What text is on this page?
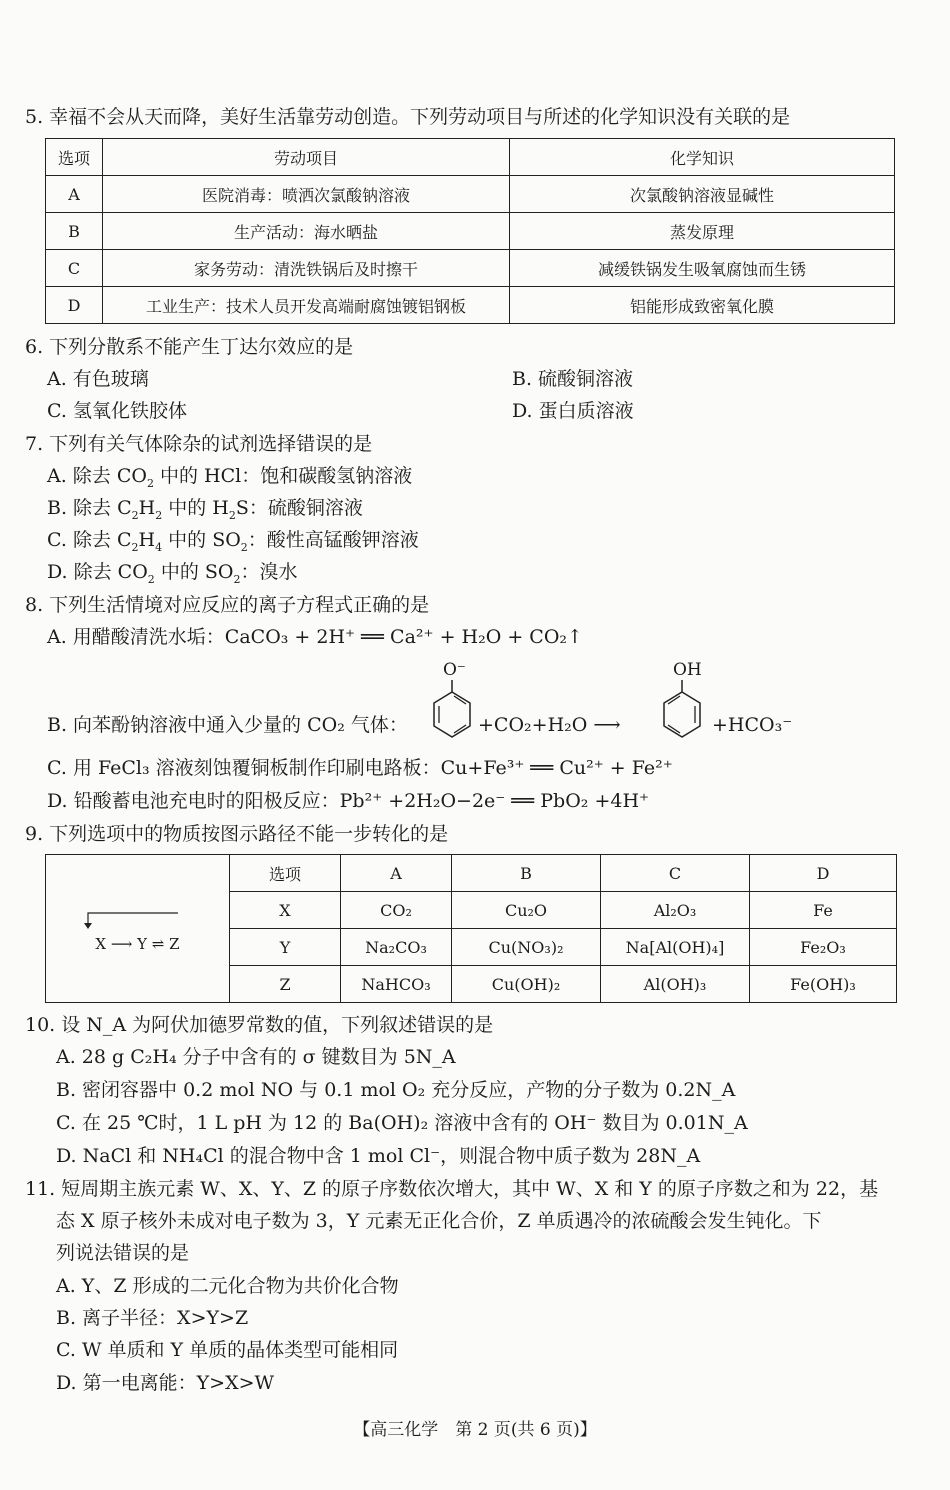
5. 幸福不会从天而降，美好生活靠劳动创造。下列劳动项目与所述的化学知识没有关联的是
选项	劳动项目	化学知识
A	医院消毒：喷洒次氯酸钠溶液	次氯酸钠溶液显碱性
B	生产活动：海水晒盐	蒸发原理
C	家务劳动：清洗铁锅后及时擦干	减缓铁锅发生吸氧腐蚀而生锈
D	工业生产：技术人员开发高端耐腐蚀镀铝钢板	铝能形成致密氧化膜
6. 下列分散系不能产生丁达尔效应的是
A. 有色玻璃	B. 硫酸铜溶液
C. 氢氧化铁胶体	D. 蛋白质溶液
7. 下列有关气体除杂的试剂选择错误的是
A. 除去 $CO_2$ 中的 HCl：饱和碳酸氢钠溶液
B. 除去 $C_2H_2$ 中的 $H_2S$：硫酸铜溶液
C. 除去 $C_2H_4$ 中的 $SO_2$：酸性高锰酸钾溶液
D. 除去 $CO_2$ 中的 $SO_2$：溴水
8. 下列生活情境对应反应的离子方程式正确的是
A. 用醋酸清洗水垢：CaCO₃ + 2H⁺ ══ Ca²⁺ + H₂O + CO₂↑
B. 向苯酚钠溶液中通入少量的 CO₂ 气体：
O⁻
+CO₂+H₂O ⟶
OH
+HCO₃⁻
C. 用 FeCl₃ 溶液刻蚀覆铜板制作印刷电路板：Cu+Fe³⁺ ══ Cu²⁺ + Fe²⁺
D. 铅酸蓄电池充电时的阳极反应：Pb²⁺ +2H₂O−2e⁻ ══ PbO₂ +4H⁺
9. 下列选项中的物质按图示路径不能一步转化的是
X ⟶ Y ⇌ Z	选项	A	B	C	D
	X	CO₂	Cu₂O	Al₂O₃	Fe
	Y	Na₂CO₃	Cu(NO₃)₂	Na[Al(OH)₄]	Fe₂O₃
	Z	NaHCO₃	Cu(OH)₂	Al(OH)₃	Fe(OH)₃
10. 设 N_A 为阿伏加德罗常数的值，下列叙述错误的是
A. 28 g C₂H₄ 分子中含有的 σ 键数目为 5N_A
B. 密闭容器中 0.2 mol NO 与 0.1 mol O₂ 充分反应，产物的分子数为 0.2N_A
C. 在 25 ℃时，1 L pH 为 12 的 Ba(OH)₂ 溶液中含有的 OH⁻ 数目为 0.01N_A
D. NaCl 和 NH₄Cl 的混合物中含 1 mol Cl⁻，则混合物中质子数为 28N_A
11. 短周期主族元素 W、X、Y、Z 的原子序数依次增大，其中 W、X 和 Y 的原子序数之和为 22，基
态 X 原子核外未成对电子数为 3，Y 元素无正化合价，Z 单质遇冷的浓硫酸会发生钝化。下
列说法错误的是
A. Y、Z 形成的二元化合物为共价化合物
B. 离子半径：X>Y>Z
C. W 单质和 Y 单质的晶体类型可能相同
D. 第一电离能：Y>X>W
【高三化学　第 2 页(共 6 页)】
